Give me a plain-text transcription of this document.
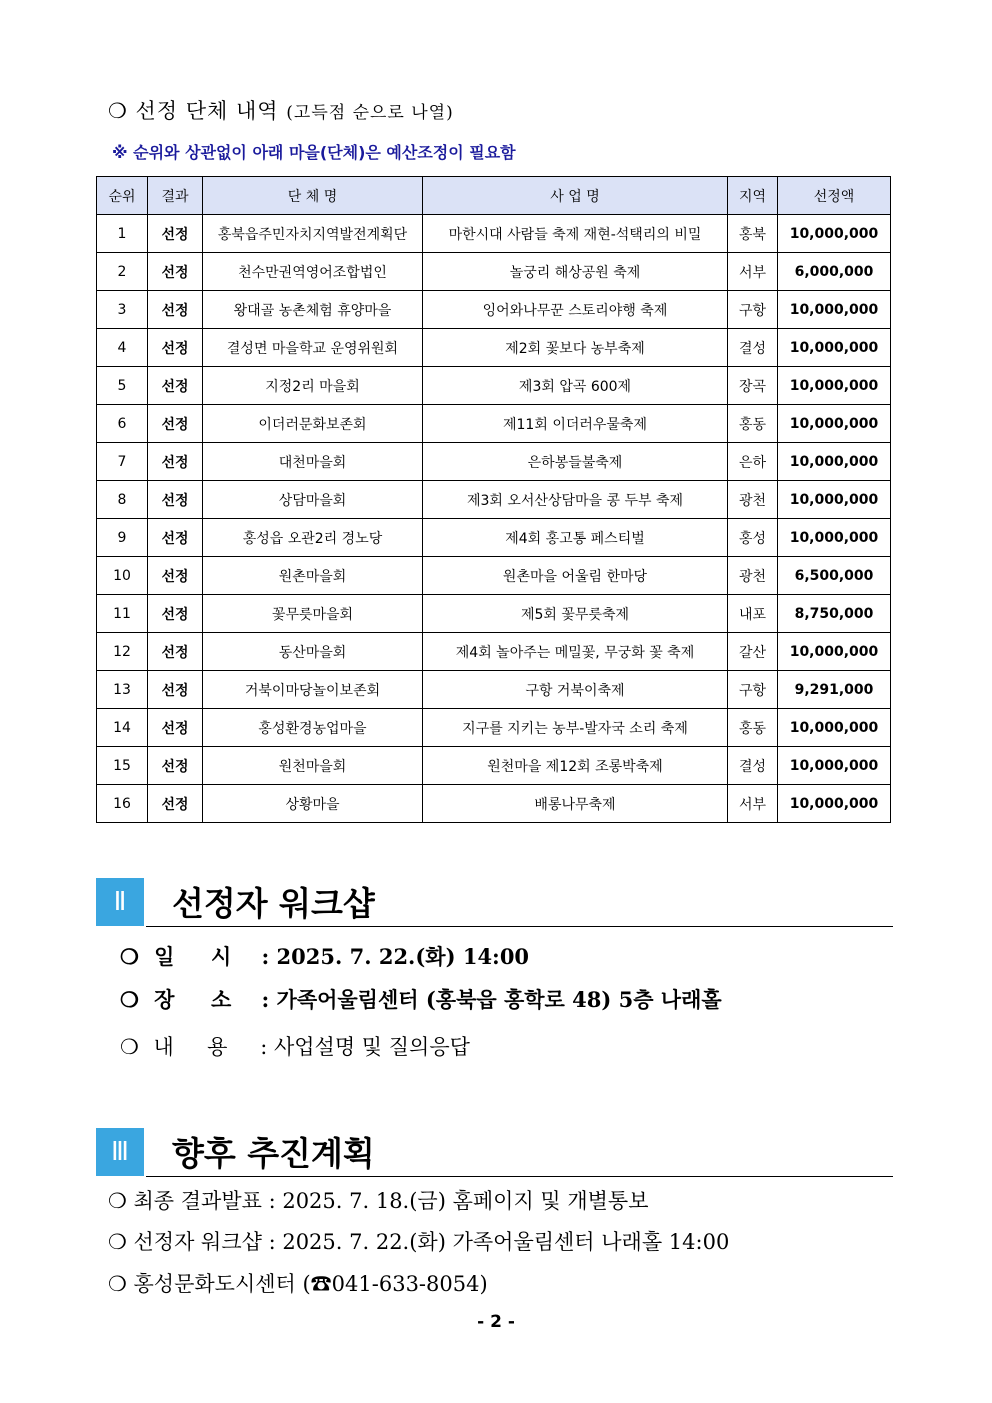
❍ 선정 단체 내역 (고득점 순으로 나열)
※ 순위와 상관없이 아래 마을(단체)은 예산조정이 필요함
순위	결과	단 체 명	사 업 명	지역	선정액
1	선정	홍북읍주민자치지역발전계획단	마한시대 사람들 축제 재현-석택리의 비밀	홍북	10,000,000
2	선정	천수만권역영어조합법인	놀궁리 해상공원 축제	서부	6,000,000
3	선정	왕대골 농촌체험 휴양마을	잉어와나무꾼 스토리야행 축제	구항	10,000,000
4	선정	결성면 마을학교 운영위원회	제2회 꽃보다 농부축제	결성	10,000,000
5	선정	지정2리 마을회	제3회 압곡 600제	장곡	10,000,000
6	선정	이더러문화보존회	제11회 이더러우물축제	홍동	10,000,000
7	선정	대천마을회	은하봉들불축제	은하	10,000,000
8	선정	상담마을회	제3회 오서산상담마을 콩 두부 축제	광천	10,000,000
9	선정	홍성읍 오관2리 경노당	제4회 홍고통 페스티벌	홍성	10,000,000
10	선정	원촌마을회	원촌마을 어울림 한마당	광천	6,500,000
11	선정	꽃무릇마을회	제5회 꽃무릇축제	내포	8,750,000
12	선정	동산마을회	제4회 놀아주는 메밀꽃, 무궁화 꽃 축제	갈산	10,000,000
13	선정	거북이마당놀이보존회	구항 거북이축제	구항	9,291,000
14	선정	홍성환경농업마을	지구를 지키는 농부-발자국 소리 축제	홍동	10,000,000
15	선정	원천마을회	원천마을 제12회 조롱박축제	결성	10,000,000
16	선정	상황마을	배롱나무축제	서부	10,000,000
Ⅱ	선정자 워크샵
❍ 일     시 : 2025. 7. 22.(화) 14:00
❍ 장     소 : 가족어울림센터 (홍북읍 홍학로 48) 5층 나래홀
❍ 내     용 : 사업설명 및 질의응답
Ⅲ	향후 추진계획
❍ 최종 결과발표 : 2025. 7. 18.(금) 홈페이지 및 개별통보
❍ 선정자 워크샵 : 2025. 7. 22.(화) 가족어울림센터 나래홀 14:00
❍ 홍성문화도시센터 (☎041-633-8054)
- 2 -
